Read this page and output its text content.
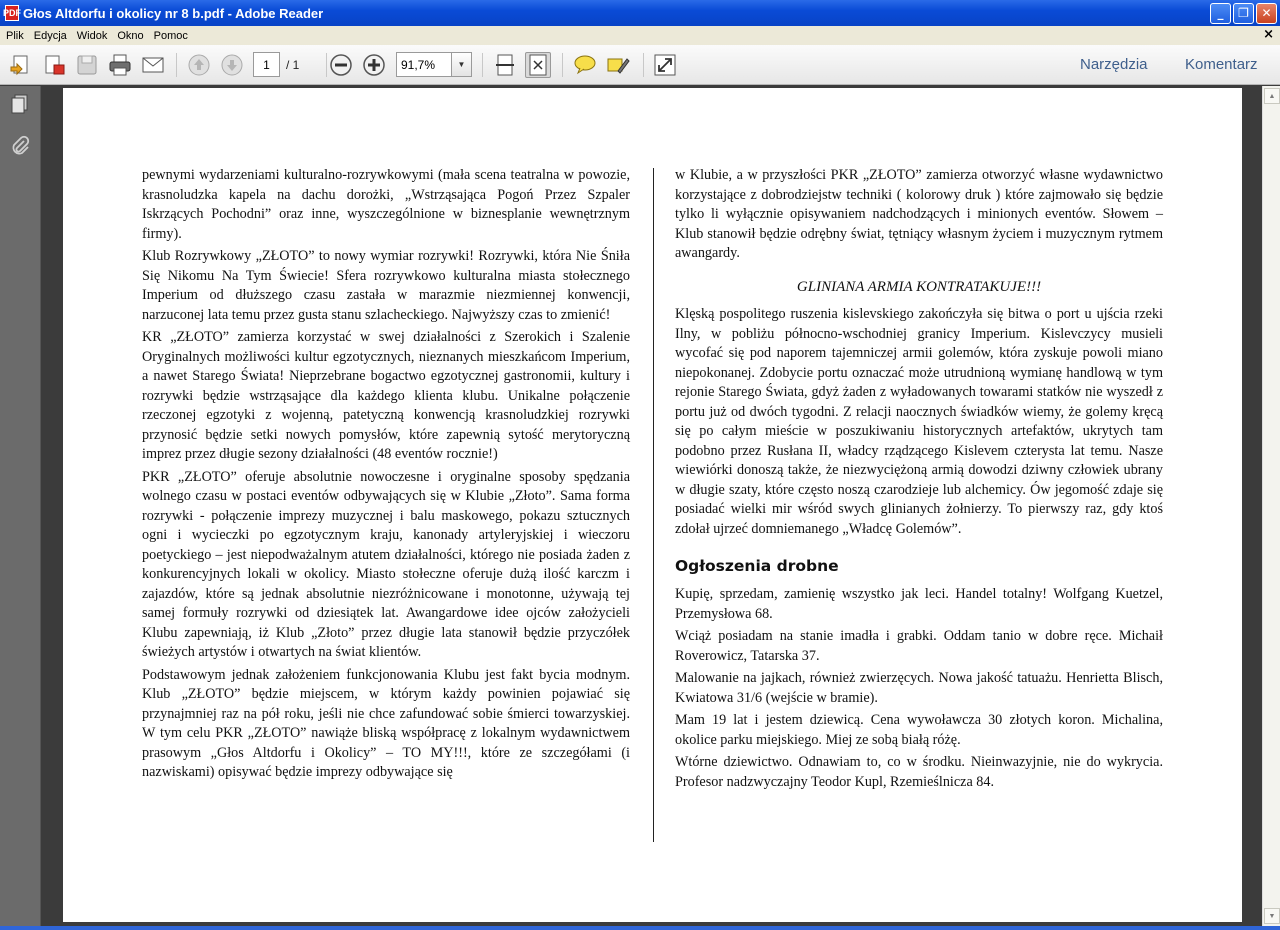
PDF Głos Altdorfu i okolicy nr 8 b.pdf - Adobe Reader	_	❐	✕
Plik Edycja Widok Okno Pomoc	×
1	/ 1	91,7%	▼	Narzędzia Komentarz

pewnymi wydarzeniami kulturalno-rozrywkowymi (mała scena teatralna w powozie, krasnoludzka kapela na dachu dorożki, „Wstrząsająca Pogoń Przez Szpaler Iskrzących Pochodni” oraz inne, wyszczególnione w biznesplanie wewnętrznym firmy).

Klub Rozrywkowy „ZŁOTO” to nowy wymiar rozrywki! Rozrywki, która Nie Śniła Się Nikomu Na Tym Świecie! Sfera rozrywkowo kulturalna miasta stołecznego Imperium od dłuższego czasu zastała w marazmie niezmiennej konwencji, narzuconej lata temu przez gusta stanu szlacheckiego. Najwyższy czas to zmienić!

KR „ZŁOTO” zamierza korzystać w swej działalności z Szerokich i Szalenie Oryginalnych możliwości kultur egzotycznych, nieznanych mieszkańcom Imperium, a nawet Starego Świata! Nieprzebrane bogactwo egzotycznej gastronomii, kultury i rozrywki będzie wstrząsające dla każdego klienta klubu. Unikalne połączenie rzeczonej egzotyki z wojenną, patetyczną konwencją krasnoludzkiej rozrywki przynosić będzie setki nowych pomysłów, które zapewnią sytość merytoryczną imprez przez długie sezony działalności (48 eventów rocznie!)

PKR „ZŁOTO” oferuje absolutnie nowoczesne i oryginalne sposoby spędzania wolnego czasu w postaci eventów odbywających się w Klubie „Złoto”. Sama forma rozrywki - połączenie imprezy muzycznej i balu maskowego, pokazu sztucznych ogni i wycieczki po egzotycznym kraju, kanonady artyleryjskiej i wieczoru poetyckiego – jest niepodważalnym atutem działalności, którego nie posiada żaden z konkurencyjnych lokali w okolicy. Miasto stołeczne oferuje dużą ilość karczm i zajazdów, które są jednak absolutnie niezróżnicowane i monotonne, używają tej samej formuły rozrywki od dziesiątek lat. Awangardowe idee ojców założycieli Klubu zapewniają, iż Klub „Złoto” przez długie lata stanowił będzie przyczółek świeżych artystów i otwartych na świat klientów.

Podstawowym jednak założeniem funkcjonowania Klubu jest fakt bycia modnym. Klub „ZŁOTO” będzie miejscem, w którym każdy powinien pojawiać się przynajmniej raz na pół roku, jeśli nie chce zafundować sobie śmierci towarzyskiej. W tym celu PKR „ZŁOTO” nawiąże bliską współpracę z lokalnym wydawnictwem prasowym „Głos Altdorfu i Okolicy” – TO MY!!!, które ze szczegółami (i nazwiskami) opisywać będzie imprezy odbywające się

w Klubie, a w przyszłości PKR „ZŁOTO” zamierza otworzyć własne wydawnictwo korzystające z dobrodziejstw techniki ( kolorowy druk ) które zajmowało się będzie tylko li wyłącznie opisywaniem nadchodzących i minionych eventów. Słowem – Klub stanowił będzie odrębny świat, tętniący własnym życiem i muzycznym rytmem awangardy.

GLINIANA ARMIA KONTRATAKUJE!!!

Klęską pospolitego ruszenia kislevskiego zakończyła się bitwa o port u ujścia rzeki Ilny, w pobliżu północno-wschodniej granicy Imperium. Kislevczycy musieli wycofać się pod naporem tajemniczej armii golemów, która zyskuje powoli miano niepokonanej. Zdobycie portu oznaczać może utrudnioną wymianę handlową w tym rejonie Starego Świata, gdyż żaden z wyładowanych towarami statków nie wyszedł z portu już od dwóch tygodni. Z relacji naocznych świadków wiemy, że golemy kręcą się po całym mieście w poszukiwaniu historycznych artefaktów, ukrytych tam podobno przez Rusłana II, władcy rządzącego Kislevem czterysta lat temu. Nasze wiewiórki donoszą także, że niezwyciężoną armią dowodzi dziwny człowiek ubrany w długie szaty, które często noszą czarodzieje lub alchemicy. Ów jegomość zdaje się posiadać wielki mir wśród swych glinianych żołnierzy. To pierwszy raz, gdy ktoś zdołał ujrzeć domniemanego „Władcę Golemów”.

Ogłoszenia drobne

Kupię, sprzedam, zamienię wszystko jak leci. Handel totalny! Wolfgang Kuetzel, Przemysłowa 68.

Wciąż posiadam na stanie imadła i grabki. Oddam tanio w dobre ręce. Michaił Roverowicz, Tatarska 37.

Malowanie na jajkach, również zwierzęcych. Nowa jakość tatuażu. Henrietta Blisch, Kwiatowa 31/6 (wejście w bramie).

Mam 19 lat i jestem dziewicą. Cena wywoławcza 30 złotych koron. Michalina, okolice parku miejskiego. Miej ze sobą białą różę.

Wtórne dziewictwo. Odnawiam to, co w środku. Nieinwazyjnie, nie do wykrycia. Profesor nadzwyczajny Teodor Kupl, Rzemieślnicza 84.

▲
▼
